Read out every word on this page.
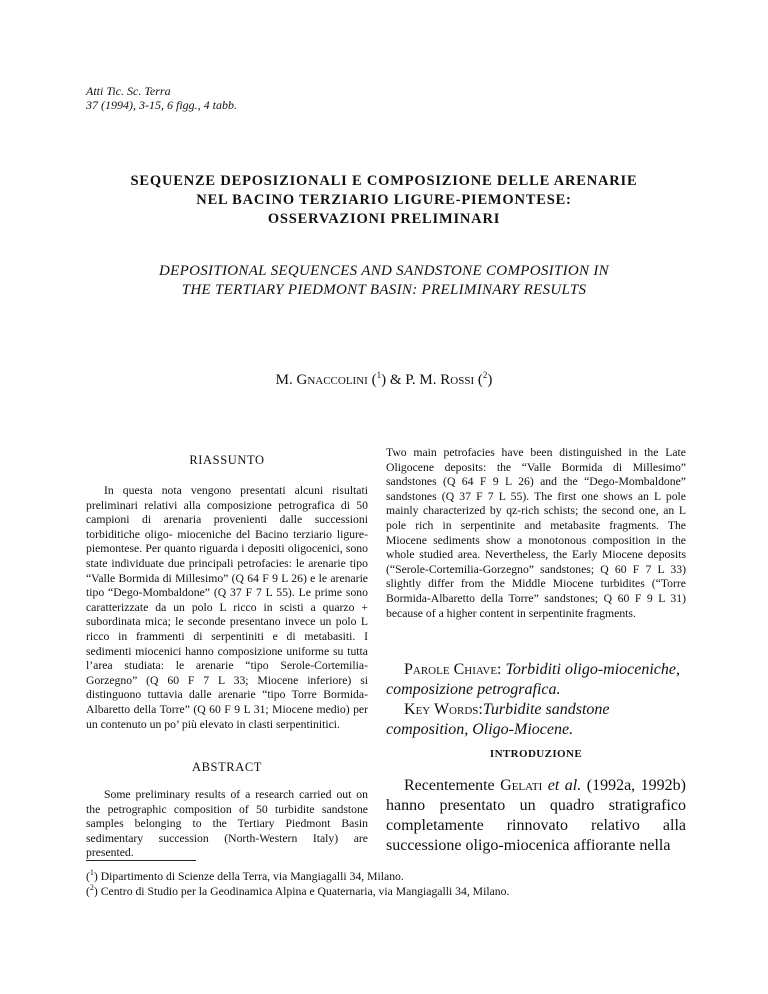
Atti Tic. Sc. Terra
37 (1994), 3-15, 6 figg., 4 tabb.
SEQUENZE DEPOSIZIONALI E COMPOSIZIONE DELLE ARENARIE
NEL BACINO TERZIARIO LIGURE-PIEMONTESE:
OSSERVAZIONI PRELIMINARI
DEPOSITIONAL SEQUENCES AND SANDSTONE COMPOSITION IN
THE TERTIARY PIEDMONT BASIN: PRELIMINARY RESULTS
M. Gnaccolini ($^1$) & P. M. Rossi ($^2$)
RIASSUNTO

In questa nota vengono presentati alcuni risultati preliminari relativi alla composizione petrografica di 50 campioni di arenaria provenienti dalle successioni torbiditiche oligo- mioceniche del Bacino terziario ligure-piemontese. Per quanto riguarda i depositi oligocenici, sono state individuate due principali petrofacies: le arenarie tipo “Valle Bormida di Millesimo” (Q 64 F 9 L 26) e le arenarie tipo “Dego-Mombaldone” (Q 37 F 7 L 55). Le prime sono caratterizzate da un polo L ricco in scisti a quarzo + subordinata mica; le seconde presentano invece un polo L ricco in frammenti di serpentiniti e di metabasiti. I sedimenti miocenici hanno composizione uniforme su tutta l’area studiata: le arenarie “tipo Serole-Cortemilia-Gorzegno” (Q 60 F 7 L 33; Miocene inferiore) si distinguono tuttavia dalle arenarie “tipo Torre Bormida-Albaretto della Torre” (Q 60 F 9 L 31; Miocene medio) per un contenuto un po’ più elevato in clasti serpentinitici.

ABSTRACT

Some preliminary results of a research carried out on the petrographic composition of 50 turbidite sandstone samples belonging to the Tertiary Piedmont Basin sedimentary succession (North-Western Italy) are presented.

Two main petrofacies have been distinguished in the Late Oligocene deposits: the “Valle Bormida di Millesimo” sandstones (Q 64 F 9 L 26) and the “Dego-Mombaldone” sandstones (Q 37 F 7 L 55). The first one shows an L pole mainly characterized by qz-rich schists; the second one, an L pole rich in serpentinite and metabasite fragments. The Miocene sediments show a monotonous composition in the whole studied area. Nevertheless, the Early Miocene deposits (“Serole-Cortemilia-Gorzegno” sandstones; Q 60 F 7 L 33) slightly differ from the Middle Miocene turbidites (“Torre Bormida-Albaretto della Torre” sandstones; Q 60 F 9 L 31) because of a higher content in serpentinite fragments.

Parole Chiave: Torbiditi oligo-mioceniche, composizione petrografica.
Key Words:Turbidite sandstone composition, Oligo-Miocene.
INTRODUZIONE
Recentemente Gelati et al. (1992a, 1992b) hanno presentato un quadro stratigrafico completamente rinnovato relativo alla successione oligo-miocenica affiorante nella
($^1$) Dipartimento di Scienze della Terra, via Mangiagalli 34, Milano.
($^2$) Centro di Studio per la Geodinamica Alpina e Quaternaria, via Mangiagalli 34, Milano.
